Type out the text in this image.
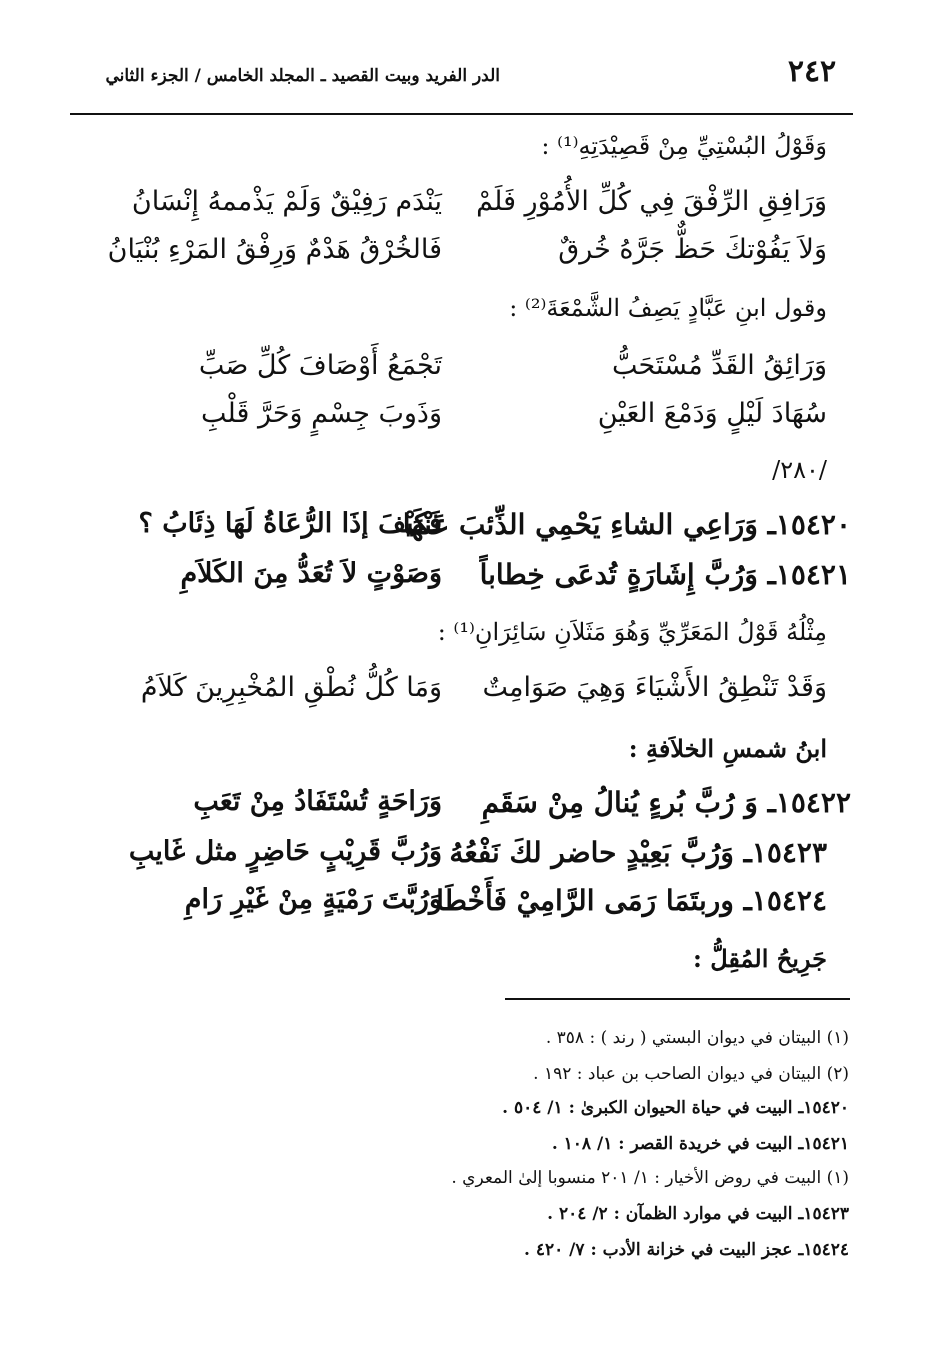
٢٤٢
الدر الفريد وبيت القصيد ـ المجلد الخامس / الجزء الثاني
وَقَوْلُ البُسْتِيِّ مِنْ قَصِيْدَتِهِ⁽¹⁾ :
وَرَافِقِ الرِّفْقَ فِي كُلِّ الأُمُوْرِ فَلَمْ
يَنْدَم رَفِيْقٌ وَلَمْ يَذْممهُ إِنْسَانُ
وَلاَ يَفُوْتكَ حَظٌّ جَرَّهُ خُرقٌ
فَالخُرْقُ هَدْمٌ وَرِفْقُ المَرْءِ بُنْيَانُ
وقول ابنِ عَبَّادٍ يَصِفُ الشَّمْعَةَ⁽²⁾ :
وَرَائِقُ القَدِّ مُسْتَحَبُّ
تَجْمَعُ أَوْصَافَ كُلِّ صَبِّ
سُهَادَ لَيْلٍ وَدَمْعَ العَيْنِ
وَذَوبَ جِسْمٍ وَحَرَّ قَلْبِ
/٢٨٠/
١٥٤٢٠ـ وَرَاعِي الشاءِ يَحْمِي الذِّئبَ عَنْهَا
فَكَيْفَ إذَا الرُّعَاةُ لَهَا ذِئَابُ ؟
١٥٤٢١ـ وَرُبَّ إِشَارَةٍ تُدعَى خِطاباً
وَصَوْتٍ لاَ تُعَدُّ مِنَ الكَلاَمِ
مِثْلُهُ قَوْلُ المَعَرِّيِّ وَهُوَ مَثَلاَنِ سَائِرَانِ⁽¹⁾ :
وَقَدْ تَنْطِقُ الأَشْيَاءَ وَهِيَ صَوَامِتٌ
وَمَا كُلُّ نُطْقِ المُخْبِرِينَ كَلاَمُ
ابنُ شمسِ الخلاَفةِ :
١٥٤٢٢ـ وَ رُبَّ بُرءٍ يُنالُ مِنْ سَقَمِ
وَرَاحَةٍ تُسْتَفَادُ مِنْ تَعَبِ
١٥٤٢٣ـ وَرُبَّ بَعِيْدٍ حاضر لكَ نَفْعُهُ
وَرُبَّ قَرِيْبٍ حَاضِرٍ مثل غَايبِ
١٥٤٢٤ـ وربتَمَا رَمَى الرَّامِيْ فَأَخْطَا
وَرُبَّتَ رَمْيَةٍ مِنْ غَيْرِ رَامِ
جَرِيحُ المُقِلُّ :
(١) البيتان في ديوان البستي ( رند ) : ٣٥٨ .
(٢) البيتان في ديوان الصاحب بن عباد : ١٩٢ .
١٥٤٢٠ـ البيت في حياة الحيوان الكبرىٰ : ١/ ٥٠٤ .
١٥٤٢١ـ البيت في خريدة القصر : ١/ ١٠٨ .
(١) البيت في روض الأخيار : ١/ ٢٠١ منسوبا إلىٰ المعري .
١٥٤٢٣ـ البيت في موارد الظمآن : ٢/ ٢٠٤ .
١٥٤٢٤ـ عجز البيت في خزانة الأدب : ٧/ ٤٢٠ .
